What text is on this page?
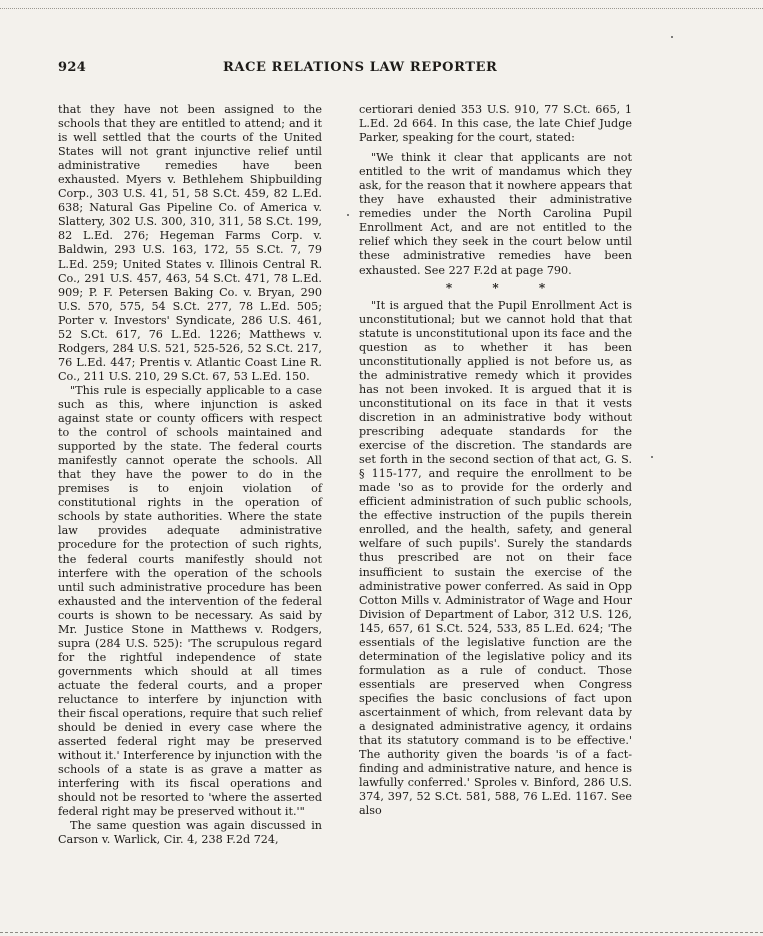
924	RACE RELATIONS LAW REPORTER

that they have not been assigned to the schools that they are entitled to attend; and it is well settled that the courts of the United States will not grant injunctive relief until administrative remedies have been exhausted. Myers v. Bethlehem Shipbuilding Corp., 303 U.S. 41, 51, 58 S.Ct. 459, 82 L.Ed. 638; Natural Gas Pipeline Co. of America v. Slattery, 302 U.S. 300, 310, 311, 58 S.Ct. 199, 82 L.Ed. 276; Hegeman Farms Corp. v. Baldwin, 293 U.S. 163, 172, 55 S.Ct. 7, 79 L.Ed. 259; United States v. Illinois Central R. Co., 291 U.S. 457, 463, 54 S.Ct. 471, 78 L.Ed. 909; P. F. Petersen Baking Co. v. Bryan, 290 U.S. 570, 575, 54 S.Ct. 277, 78 L.Ed. 505; Porter v. Investors' Syndicate, 286 U.S. 461, 52 S.Ct. 617, 76 L.Ed. 1226; Matthews v. Rodgers, 284 U.S. 521, 525-526, 52 S.Ct. 217, 76 L.Ed. 447; Prentis v. Atlantic Coast Line R. Co., 211 U.S. 210, 29 S.Ct. 67, 53 L.Ed. 150.

"This rule is especially applicable to a case such as this, where injunction is asked against state or county officers with respect to the control of schools maintained and supported by the state. The federal courts manifestly cannot operate the schools. All that they have the power to do in the premises is to enjoin violation of constitutional rights in the operation of schools by state authorities. Where the state law provides adequate administrative procedure for the protection of such rights, the federal courts manifestly should not interfere with the operation of the schools until such administrative procedure has been exhausted and the intervention of the federal courts is shown to be necessary. As said by Mr. Justice Stone in Matthews v. Rodgers, supra (284 U.S. 525): 'The scrupulous regard for the rightful independence of state governments which should at all times actuate the federal courts, and a proper reluctance to interfere by injunction with their fiscal operations, require that such relief should be denied in every case where the asserted federal right may be preserved without it.' Interference by injunction with the schools of a state is as grave a matter as interfering with its fiscal operations and should not be resorted to 'where the asserted federal right may be preserved without it.'"

The same question was again discussed in Carson v. Warlick, Cir. 4, 238 F.2d 724,

certiorari denied 353 U.S. 910, 77 S.Ct. 665, 1 L.Ed. 2d 664. In this case, the late Chief Judge Parker, speaking for the court, stated:

"We think it clear that applicants are not entitled to the writ of mandamus which they ask, for the reason that it nowhere appears that they have exhausted their administrative remedies under the North Carolina Pupil Enrollment Act, and are not entitled to the relief which they seek in the court below until these administrative remedies have been exhausted. See 227 F.2d at page 790.

* * *

"It is argued that the Pupil Enrollment Act is unconstitutional; but we cannot hold that that statute is unconstitutional upon its face and the question as to whether it has been unconstitutionally applied is not before us, as the administrative remedy which it provides has not been invoked. It is argued that it is unconstitutional on its face in that it vests discretion in an administrative body without prescribing adequate standards for the exercise of the discretion. The standards are set forth in the second section of that act, G. S. § 115-177, and require the enrollment to be made 'so as to provide for the orderly and efficient administration of such public schools, the effective instruction of the pupils therein enrolled, and the health, safety, and general welfare of such pupils'. Surely the standards thus prescribed are not on their face insufficient to sustain the exercise of the administrative power conferred. As said in Opp Cotton Mills v. Administrator of Wage and Hour Division of Department of Labor, 312 U.S. 126, 145, 657, 61 S.Ct. 524, 533, 85 L.Ed. 624; 'The essentials of the legislative function are the determination of the legislative policy and its formulation as a rule of conduct. Those essentials are preserved when Congress specifies the basic conclusions of fact upon ascertainment of which, from relevant data by a designated administrative agency, it ordains that its statutory command is to be effective.' The authority given the boards 'is of a fact-finding and administrative nature, and hence is lawfully conferred.' Sproles v. Binford, 286 U.S. 374, 397, 52 S.Ct. 581, 588, 76 L.Ed. 1167. See also
